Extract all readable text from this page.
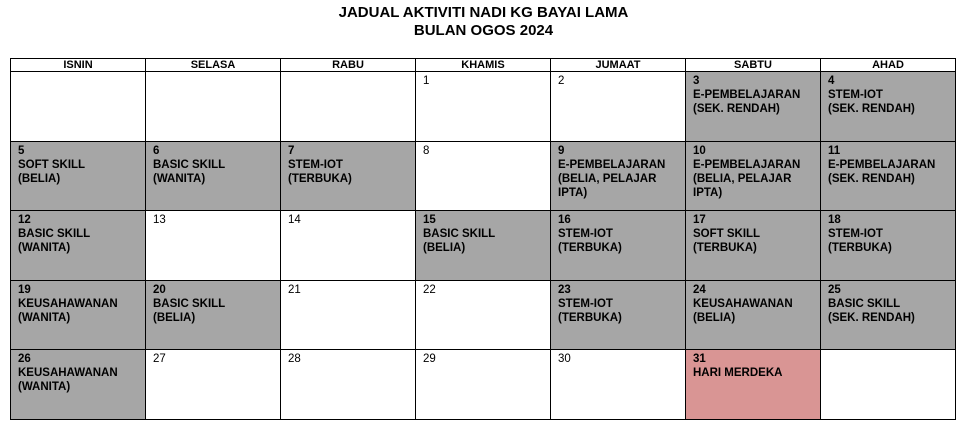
JADUAL AKTIVITI NADI KG BAYAI LAMA
BULAN OGOS 2024
ISNIN	SELASA	RABU	KHAMIS	JUMAAT	SABTU	AHAD

			1	2	3
E-PEMBELAJARAN
(SEK. RENDAH)	4
STEM-IOT
(SEK. RENDAH)

5
SOFT SKILL
(BELIA)	6
BASIC SKILL
(WANITA)	7
STEM-IOT
(TERBUKA)	8	9
E-PEMBELAJARAN
(BELIA, PELAJAR
IPTA)	10
E-PEMBELAJARAN
(BELIA, PELAJAR
IPTA)	11
E-PEMBELAJARAN
(SEK. RENDAH)

12
BASIC SKILL
(WANITA)	13	14	15
BASIC SKILL
(BELIA)	16
STEM-IOT
(TERBUKA)	17
SOFT SKILL
(TERBUKA)	18
STEM-IOT
(TERBUKA)

19
KEUSAHAWANAN
(WANITA)	20
BASIC SKILL
(BELIA)	21	22	23
STEM-IOT
(TERBUKA)	24
KEUSAHAWANAN
(BELIA)	25
BASIC SKILL
(SEK. RENDAH)

26
KEUSAHAWANAN
(WANITA)	27	28	29	30	31
HARI MERDEKA	
